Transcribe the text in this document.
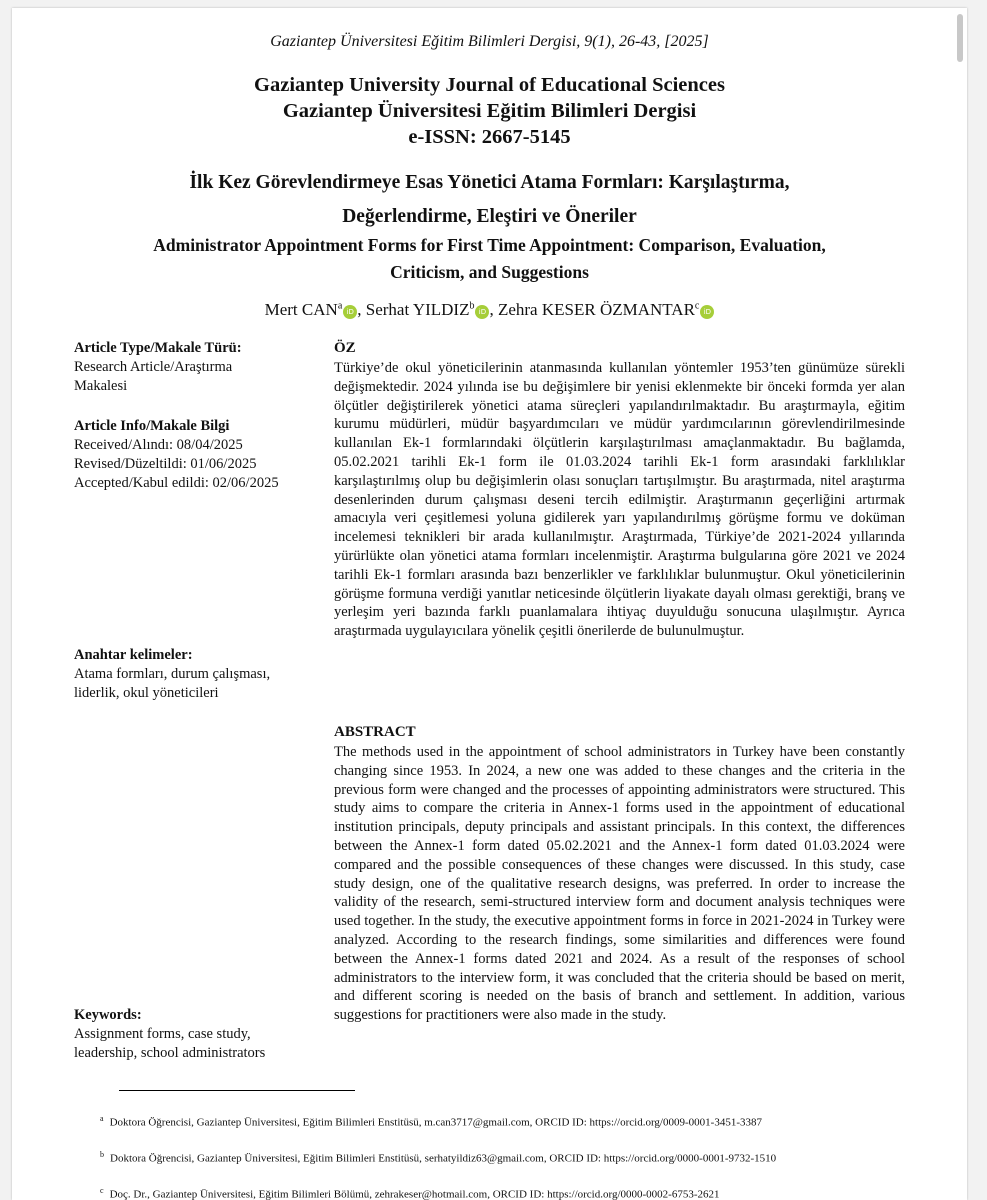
Gaziantep Üniversitesi Eğitim Bilimleri Dergisi, 9(1), 26-43, [2025]
Gaziantep University Journal of Educational Sciences
Gaziantep Üniversitesi Eğitim Bilimleri Dergisi
e-ISSN: 2667-5145
İlk Kez Görevlendirmeye Esas Yönetici Atama Formları: Karşılaştırma,
Değerlendirme, Eleştiri ve Öneriler
Administrator Appointment Forms for First Time Appointment: Comparison, Evaluation,
Criticism, and Suggestions
Mert CAN$^a$iD , Serhat YILDIZ$^b$iD , Zehra KESER ÖZMANTAR$^c$iD
Article Type/Makale Türü:
Research Article/Araştırma
Makalesi
Article Info/Makale Bilgi
Received/Alındı: 08/04/2025
Revised/Düzeltildi: 01/06/2025
Accepted/Kabul edildi: 02/06/2025
Anahtar kelimeler:
Atama formları, durum çalışması,
liderlik, okul yöneticileri
Keywords:
Assignment forms, case study,
leadership, school administrators
ÖZ

Türkiye’de okul yöneticilerinin atanmasında kullanılan yöntemler 1953’ten günümüze sürekli değişmektedir. 2024 yılında ise bu değişimlere bir yenisi eklenmekte bir önceki formda yer alan ölçütler değiştirilerek yönetici atama süreçleri yapılandırılmaktadır. Bu araştırmayla, eğitim kurumu müdürleri, müdür başyardımcıları ve müdür yardımcılarının görevlendirilmesinde kullanılan Ek-1 formlarındaki ölçütlerin karşılaştırılması amaçlanmaktadır. Bu bağlamda, 05.02.2021 tarihli Ek-1 form ile 01.03.2024 tarihli Ek-1 form arasındaki farklılıklar karşılaştırılmış olup bu değişimlerin olası sonuçları tartışılmıştır. Bu araştırmada, nitel araştırma desenlerinden durum çalışması deseni tercih edilmiştir. Araştırmanın geçerliğini artırmak amacıyla veri çeşitlemesi yoluna gidilerek yarı yapılandırılmış görüşme formu ve doküman incelemesi teknikleri bir arada kullanılmıştır. Araştırmada, Türkiye’de 2021-2024 yıllarında yürürlükte olan yönetici atama formları incelenmiştir. Araştırma bulgularına göre 2021 ve 2024 tarihli Ek-1 formları arasında bazı benzerlikler ve farklılıklar bulunmuştur. Okul yöneticilerinin görüşme formuna verdiği yanıtlar neticesinde ölçütlerin liyakate dayalı olması gerektiği, branş ve yerleşim yeri bazında farklı puanlamalara ihtiyaç duyulduğu sonucuna ulaşılmıştır. Ayrıca araştırmada uygulayıcılara yönelik çeşitli önerilerde de bulunulmuştur.

ABSTRACT

The methods used in the appointment of school administrators in Turkey have been constantly changing since 1953. In 2024, a new one was added to these changes and the criteria in the previous form were changed and the processes of appointing administrators were structured. This study aims to compare the criteria in Annex-1 forms used in the appointment of educational institution principals, deputy principals and assistant principals. In this context, the differences between the Annex-1 form dated 05.02.2021 and the Annex-1 form dated 01.03.2024 were compared and the possible consequences of these changes were discussed. In this study, case study design, one of the qualitative research designs, was preferred. In order to increase the validity of the research, semi-structured interview form and document analysis techniques were used together. In the study, the executive appointment forms in force in 2021-2024 in Turkey were analyzed. According to the research findings, some similarities and differences were found between the Annex-1 forms dated 2021 and 2024. As a result of the responses of school administrators to the interview form, it was concluded that the criteria should be based on merit, and different scoring is needed on the basis of branch and settlement. In addition, various suggestions for practitioners were also made in the study.

$^a$ Doktora Öğrencisi, Gaziantep Üniversitesi, Eğitim Bilimleri Enstitüsü, m.can3717@gmail.com, ORCID ID: https://orcid.org/0009-0001-3451-3387
$^b$ Doktora Öğrencisi, Gaziantep Üniversitesi, Eğitim Bilimleri Enstitüsü, serhatyildiz63@gmail.com, ORCID ID: https://orcid.org/0000-0001-9732-1510
$^c$ Doç. Dr., Gaziantep Üniversitesi, Eğitim Bilimleri Bölümü, zehrakeser@hotmail.com, ORCID ID: https://orcid.org/0000-0002-6753-2621
